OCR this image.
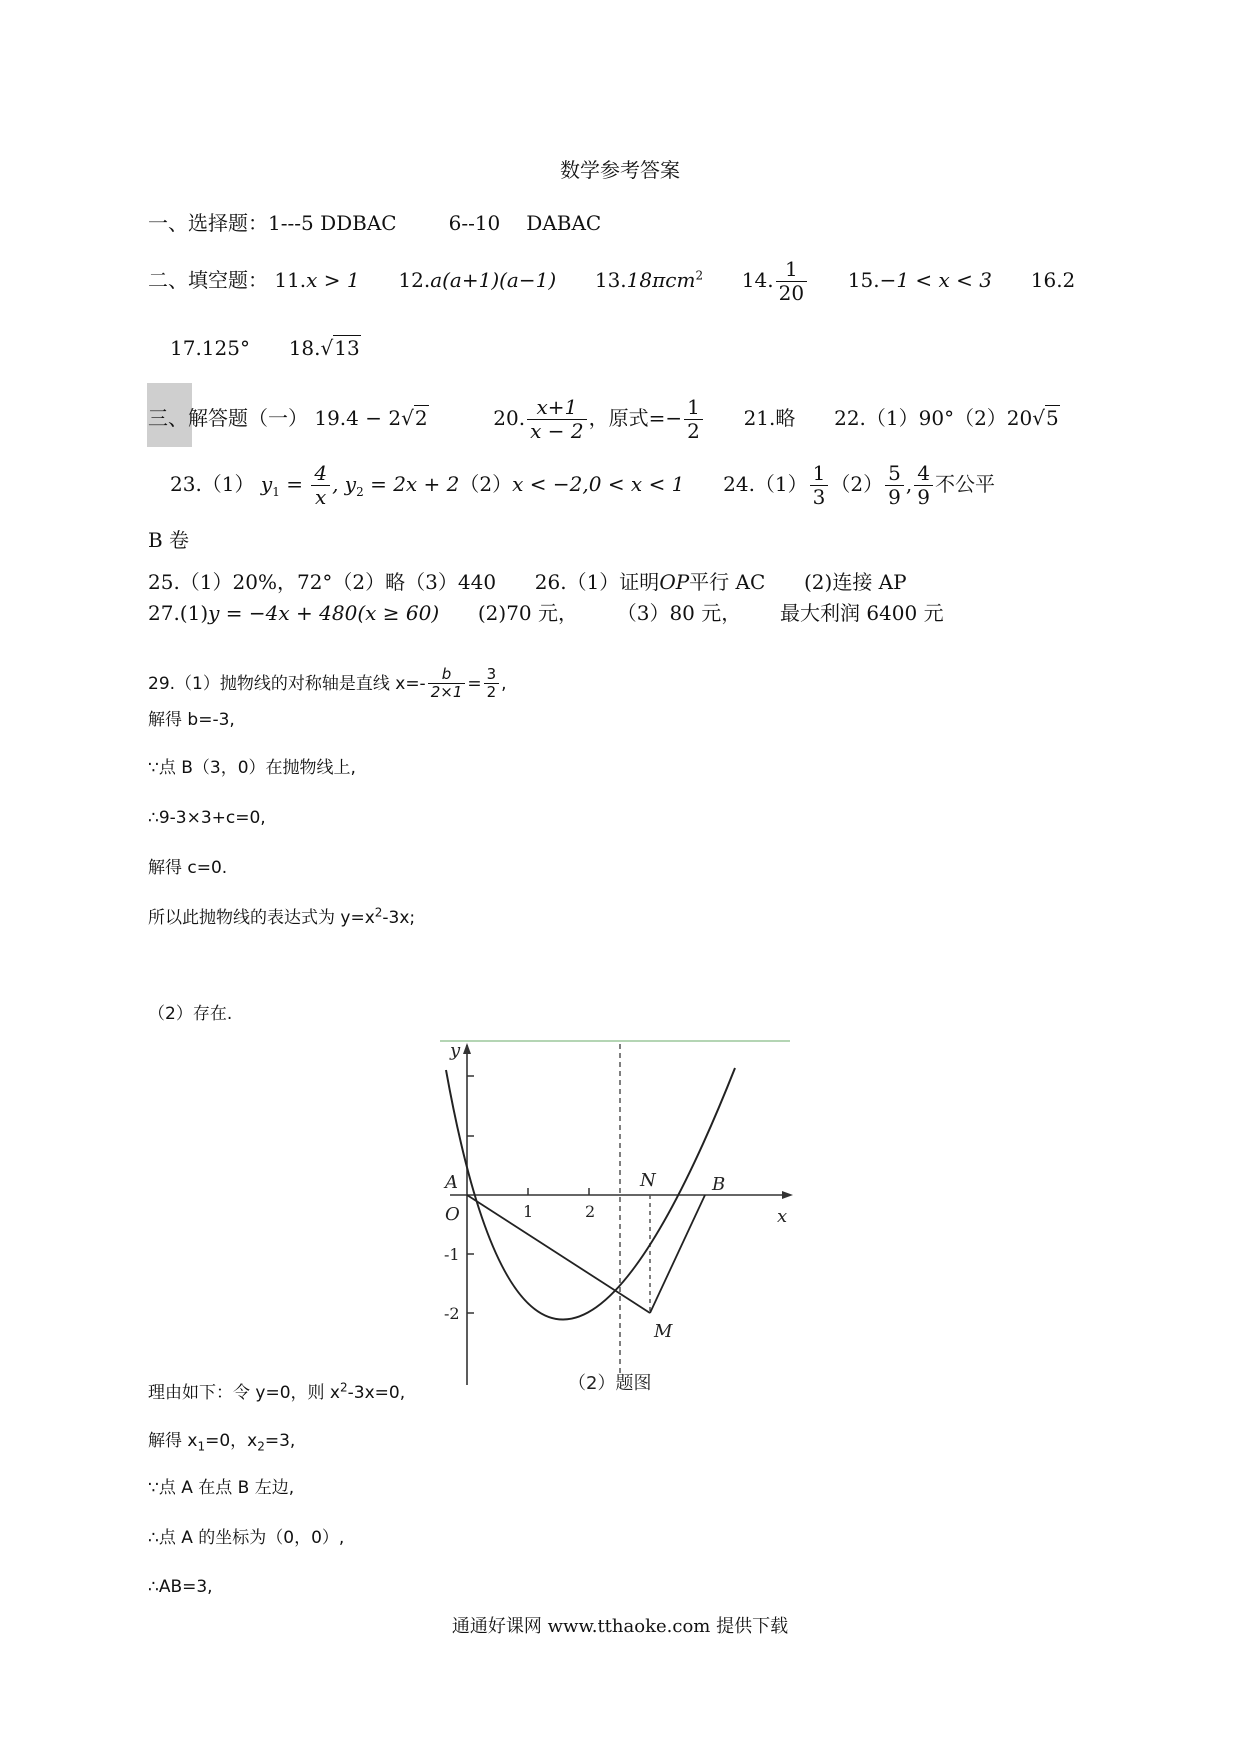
数学参考答案
一、选择题：1---5 DDBAC	6--10 DABAC
二、填空题： 11.x > 1 12.a(a+1)(a−1) 13.18πcm$^2$ 14. $\frac{1}{20} 15.-1 < x < 3$ 16.2
17.125° 18.√13
三、解答题（一） 19.4 − 2√2	20. $\frac{x+1}{x - 2}$ ，原式=− $\frac{1}{2} 21$.略 22.（1）90°（2）20√5
23.（1） $y_1 = \frac{4}{x}$ , $y_2 = 2x + 2(2)x < -2,0 < x < 1$ $24.(1) \frac{1}{3} (2) \frac{5}{9}$ , $\frac{4}{9}$ 不公平
B 卷
25.（1）20%，72°（2）略（3）440 26.（1）证明OP平行 AC (2)连接 AP
27.(1)y = −4x + 480(x ≥ 60) (2)70 元， （3）80 元， 最大利润 6400 元
29.（1）抛物线的对称轴是直线 $x=- \frac{b}{2\times 1} = \frac{3}{2}$ ,
解得 b=-3,
∵点 B（3，0）在抛物线上,
∴9-3×3+c=0,
解得 c=0.
所以此抛物线的表达式为 $y=x^2-3x$;
（2）存在.
y
x
A
O
N	B
M
1	2
-1
-2
（2）题图
理由如下：令 y=0，则 $x^2-3x=0$,
解得 $x_1=0$，$x_2=3$,
∵点 A 在点 B 左边,
∴点 A 的坐标为（0，0）,
∴AB=3,
通通好课网 www.tthaoke.com 提供下载
